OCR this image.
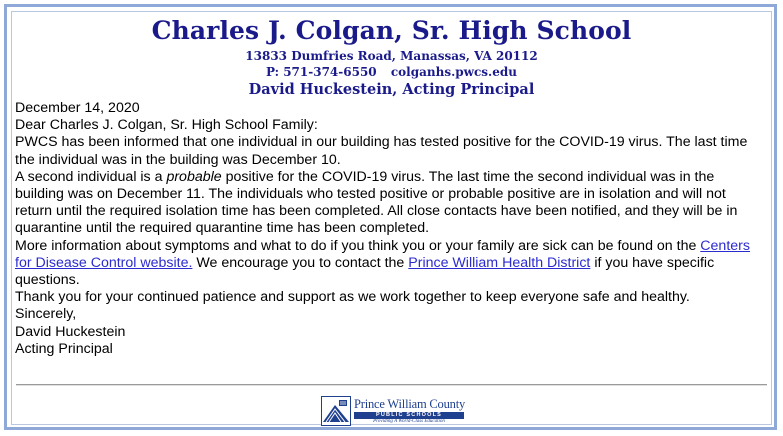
Charles J. Colgan, Sr. High School
13833 Dumfries Road, Manassas, VA 20112
P: 571-374-6550 colganhs.pwcs.edu
David Huckestein, Acting Principal

December 14, 2020

Dear Charles J. Colgan, Sr. High School Family:

PWCS has been informed that one individual in our building has tested positive for the COVID-19 virus. The last time the individual was in the building was December 10.

A second individual is a probable positive for the COVID-19 virus. The last time the second individual was in the building was on December 11. The individuals who tested positive or probable positive are in isolation and will not return until the required isolation time has been completed. All close contacts have been notified, and they will be in quarantine until the required quarantine time has been completed.

More information about symptoms and what to do if you think you or your family are sick can be found on the Centers for Disease Control website. We encourage you to contact the Prince William Health District if you have specific questions.

Thank you for your continued patience and support as we work together to keep everyone safe and healthy.

Sincerely,

David Huckestein

Acting Principal

Prince William County
PUBLIC SCHOOLS
Providing A World-Class Education
